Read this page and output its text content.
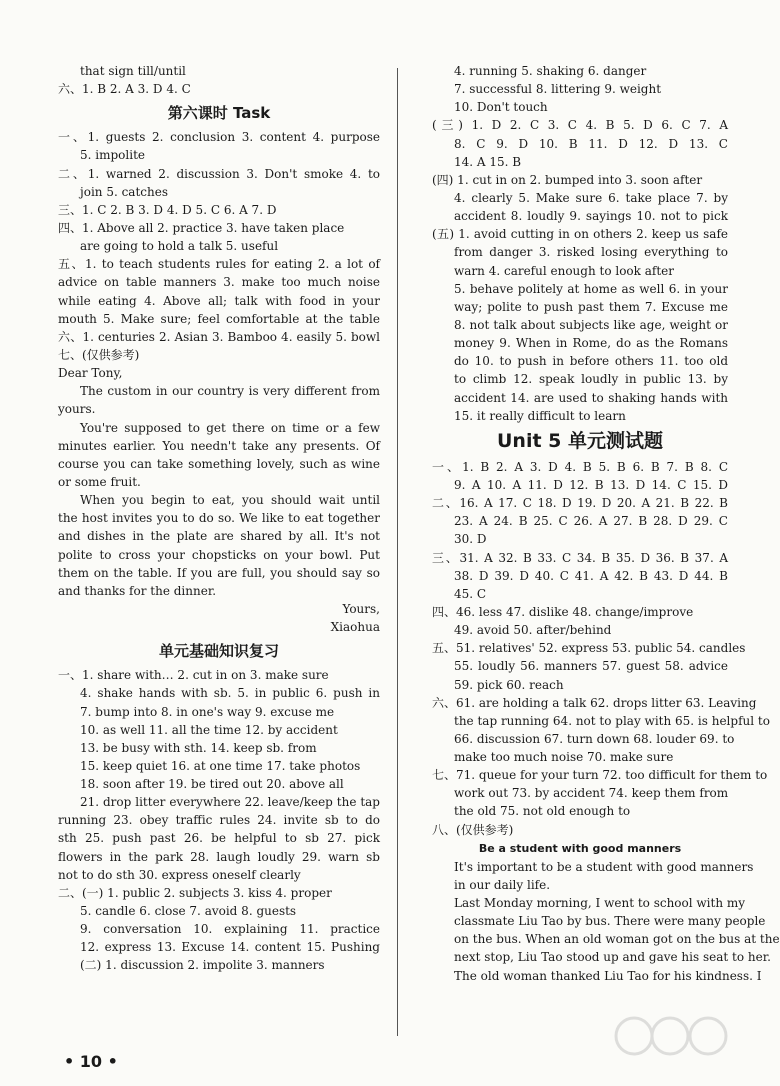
that sign till/until
六、1. B 2. A 3. D 4. C
第六课时 Task
一、1. guests 2. conclusion 3. content 4. purpose
5. impolite
二、1. warned 2. discussion 3. Don't smoke 4. to
join 5. catches
三、1. C 2. B 3. D 4. D 5. C 6. A 7. D
四、1. Above all 2. practice 3. have taken place
are going to hold a talk 5. useful
五、1. to teach students rules for eating 2. a lot of
advice on table manners 3. make too much noise
while eating 4. Above all; talk with food in your
mouth 5. Make sure; feel comfortable at the table
六、1. centuries 2. Asian 3. Bamboo 4. easily 5. bowl
七、(仅供参考)
Dear Tony,
The custom in our country is very different from
yours.
You're supposed to get there on time or a few
minutes earlier. You needn't take any presents. Of
course you can take something lovely, such as wine
or some fruit.
When you begin to eat, you should wait until
the host invites you to do so. We like to eat together
and dishes in the plate are shared by all. It's not
polite to cross your chopsticks on your bowl. Put
them on the table. If you are full, you should say so
and thanks for the dinner.
Yours,
Xiaohua
单元基础知识复习
一、1. share with… 2. cut in on 3. make sure
4. shake hands with sb. 5. in public 6. push in
7. bump into 8. in one's way 9. excuse me
10. as well 11. all the time 12. by accident
13. be busy with sth. 14. keep sb. from
15. keep quiet 16. at one time 17. take photos
18. soon after 19. be tired out 20. above all
21. drop litter everywhere 22. leave/keep the tap
running 23. obey traffic rules 24. invite sb to do
sth 25. push past 26. be helpful to sb 27. pick
flowers in the park 28. laugh loudly 29. warn sb
not to do sth 30. express oneself clearly
二、(一) 1. public 2. subjects 3. kiss 4. proper
5. candle 6. close 7. avoid 8. guests
9. conversation 10. explaining 11. practice
12. express 13. Excuse 14. content 15. Pushing
(二) 1. discussion 2. impolite 3. manners
4. running 5. shaking 6. danger
7. successful 8. littering 9. weight
10. Don't touch
(三) 1. D 2. C 3. C 4. B 5. D 6. C 7. A
8. C 9. D 10. B 11. D 12. D 13. C
14. A 15. B
(四) 1. cut in on 2. bumped into 3. soon after
4. clearly 5. Make sure 6. take place 7. by
accident 8. loudly 9. sayings 10. not to pick
(五) 1. avoid cutting in on others 2. keep us safe
from danger 3. risked losing everything to
warn 4. careful enough to look after
5. behave politely at home as well 6. in your
way; polite to push past them 7. Excuse me
8. not talk about subjects like age, weight or
money 9. When in Rome, do as the Romans
do 10. to push in before others 11. too old
to climb 12. speak loudly in public 13. by
accident 14. are used to shaking hands with
15. it really difficult to learn
Unit 5 单元测试题
一、1. B 2. A 3. D 4. B 5. B 6. B 7. B 8. C
9. A 10. A 11. D 12. B 13. D 14. C 15. D
二、16. A 17. C 18. D 19. D 20. A 21. B 22. B
23. A 24. B 25. C 26. A 27. B 28. D 29. C
30. D
三、31. A 32. B 33. C 34. B 35. D 36. B 37. A
38. D 39. D 40. C 41. A 42. B 43. D 44. B
45. C
四、46. less 47. dislike 48. change/improve
49. avoid 50. after/behind
五、51. relatives' 52. express 53. public 54. candles
55. loudly 56. manners 57. guest 58. advice
59. pick 60. reach
六、61. are holding a talk 62. drops litter 63. Leaving
the tap running 64. not to play with 65. is helpful to
66. discussion 67. turn down 68. louder 69. to
make too much noise 70. make sure
七、71. queue for your turn 72. too difficult for them to
work out 73. by accident 74. keep them from
the old 75. not old enough to
八、(仅供参考)
Be a student with good manners
It's important to be a student with good manners
in our daily life.
Last Monday morning, I went to school with my
classmate Liu Tao by bus. There were many people
on the bus. When an old woman got on the bus at the
next stop, Liu Tao stood up and gave his seat to her.
The old woman thanked Liu Tao for his kindness. I
• 10 •
